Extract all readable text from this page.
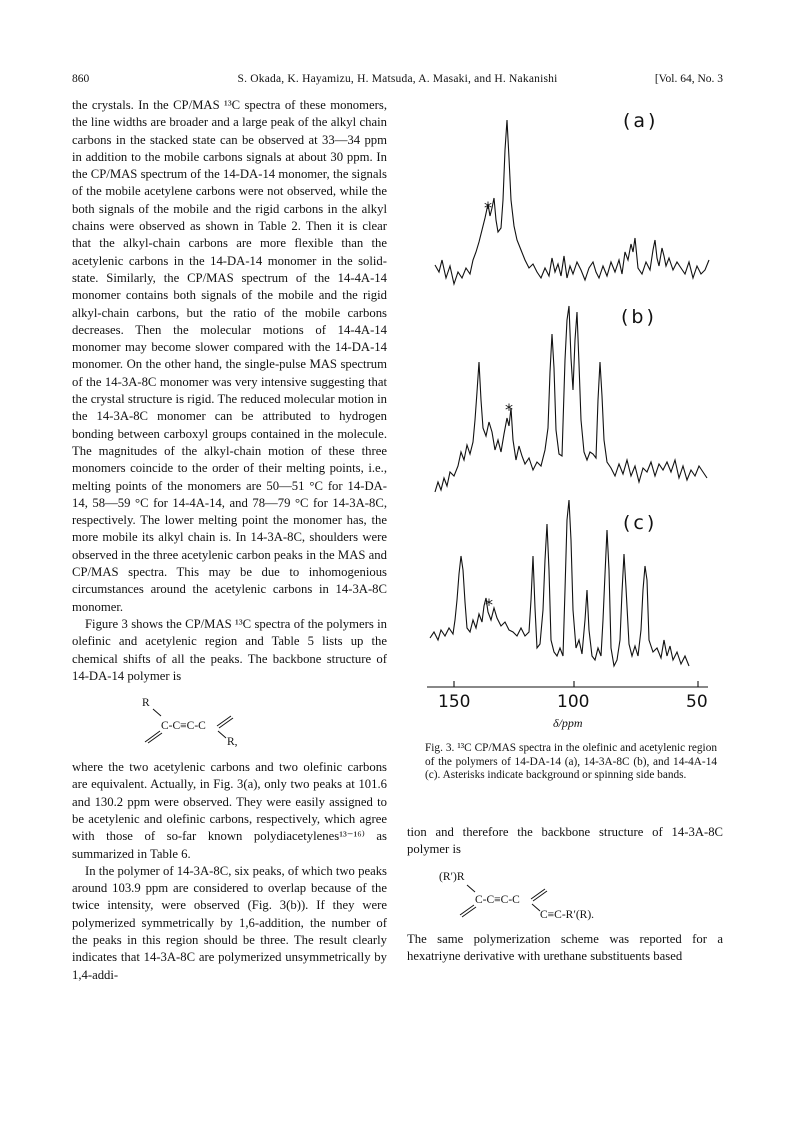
860	S. Okada, K. Hayamizu, H. Matsuda, A. Masaki, and H. Nakanishi	[Vol. 64, No. 3

the crystals. In the CP/MAS ¹³C spectra of these monomers, the line widths are broader and a large peak of the alkyl chain carbons in the stacked state can be observed at 33—34 ppm in addition to the mobile carbons signals at about 30 ppm. In the CP/MAS spectrum of the 14-DA-14 monomer, the signals of the mobile acetylene carbons were not observed, while the both signals of the mobile and the rigid carbons in the alkyl chains were observed as shown in Table 2. Then it is clear that the alkyl-chain carbons are more flexible than the acetylenic carbons in the 14-DA-14 monomer in the solid-state. Similarly, the CP/MAS spectrum of the 14-4A-14 monomer contains both signals of the mobile and the rigid alkyl-chain carbons, but the ratio of the mobile carbons decreases. Then the molecular motions of 14-4A-14 monomer may become slower compared with the 14-DA-14 monomer. On the other hand, the single-pulse MAS spectrum of the 14-3A-8C monomer was very intensive suggesting that the crystal structure is rigid. The reduced molecular motion in the 14-3A-8C monomer can be attributed to hydrogen bonding between carboxyl groups contained in the molecule. The magnitudes of the alkyl-chain motion of these three monomers coincide to the order of their melting points, i.e., melting points of the monomers are 50—51 °C for 14-DA-14, 58—59 °C for 14-4A-14, and 78—79 °C for 14-3A-8C, respectively. The lower melting point the monomer has, the more mobile its alkyl chain is. In 14-3A-8C, shoulders were observed in the three acetylenic carbon peaks in the MAS and CP/MAS spectra. This may be due to inhomogenious circumstances around the acetylenic carbons in 14-3A-8C monomer.

Figure 3 shows the CP/MAS ¹³C spectra of the polymers in olefinic and acetylenic region and Table 5 lists up the chemical shifts of all the peaks. The backbone structure of 14-DA-14 polymer is

R
C-C≡C-C
R,

where the two acetylenic carbons and two olefinic carbons are equivalent. Actually, in Fig. 3(a), only two peaks at 101.6 and 130.2 ppm were observed. They were easily assigned to be acetylenic and olefinic carbons, respectively, which agree with those of so-far known polydiacetylenes¹³⁻¹⁶⁾ as summarized in Table 6.

In the polymer of 14-3A-8C, six peaks, of which two peaks around 103.9 ppm are considered to overlap because of the twice intensity, were observed (Fig. 3(b)). If they were polymerized symmetrically by 1,6-addition, the number of the peaks in this region should be three. The result clearly indicates that 14-3A-8C are polymerized unsymmetrically by 1,4-addi-

(a)
(b)
(c)
*
*
*
150	100	50
δ/ppm
Fig. 3. ¹³C CP/MAS spectra in the olefinic and acetylenic region of the polymers of 14-DA-14 (a), 14-3A-8C (b), and 14-4A-14 (c). Asterisks indicate background or spinning side bands.

tion and therefore the backbone structure of 14-3A-8C polymer is

(R′)R
C-C≡C-C
C≡C-R′(R).

The same polymerization scheme was reported for a hexatriyne derivative with urethane substituents based
